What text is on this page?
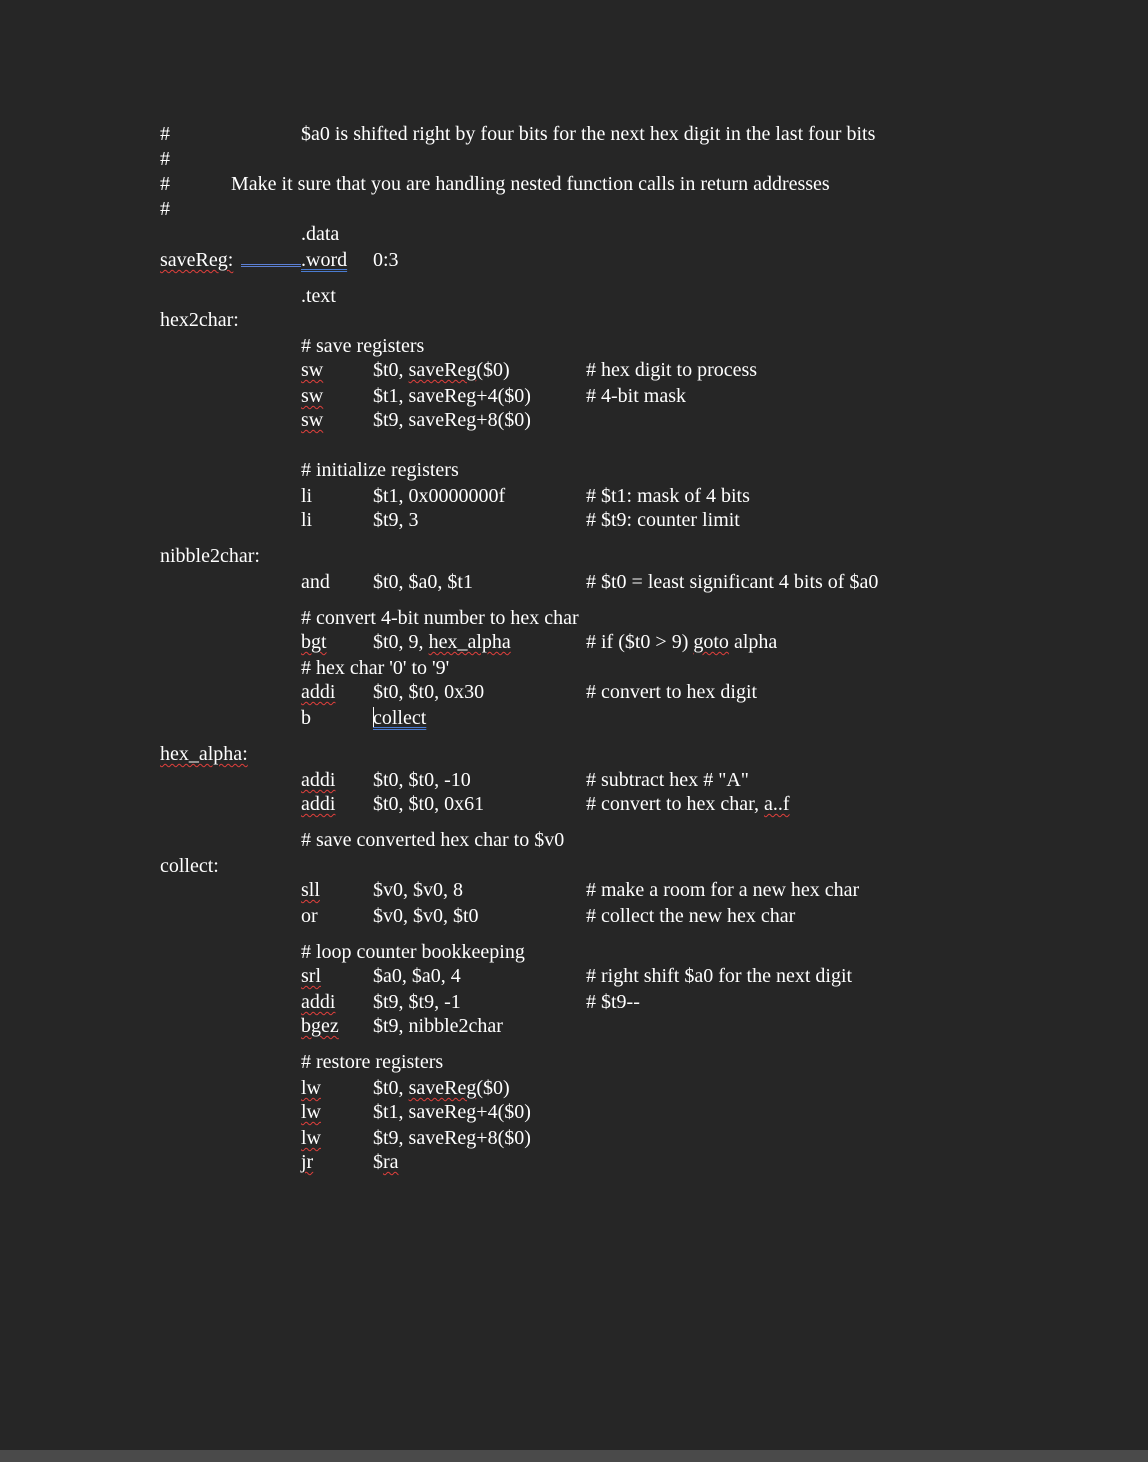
#	$a0 is shifted right by four bits for the next hex digit in the last four bits
#
#	Make it sure that you are handling nested function calls in return addresses
#
.data
saveReg:	.word 0:3
.text
hex2char:
# save registers
sw $t0, saveReg($0)	# hex digit to process
sw $t1, saveReg+4($0)	# 4-bit mask
sw $t9, saveReg+8($0)
# initialize registers
li	$t1, 0x0000000f	# $t1: mask of 4 bits
li	$t9, 3	# $t9: counter limit
nibble2char:
and $t0, $a0, $t1	# $t0 = least significant 4 bits of $a0
# convert 4-bit number to hex char
bgt $t0, 9, hex_alpha	# if ($t0 > 9) goto alpha
# hex char '0' to '9'
addi $t0, $t0, 0x30	# convert to hex digit
b	collect
hex_alpha:
addi $t0, $t0, -10	# subtract hex # "A"
addi $t0, $t0, 0x61	# convert to hex char, a..f
# save converted hex char to $v0
collect:
sll	$v0, $v0, 8	# make a room for a new hex char
or	$v0, $v0, $t0	# collect the new hex char
# loop counter bookkeeping
srl	$a0, $a0, 4	# right shift $a0 for the next digit
addi $t9, $t9, -1	# $t9--
bgez $t9, nibble2char
# restore registers
lw	$t0, saveReg($0)
lw	$t1, saveReg+4($0)
lw	$t9, saveReg+8($0)
jr	$ra
